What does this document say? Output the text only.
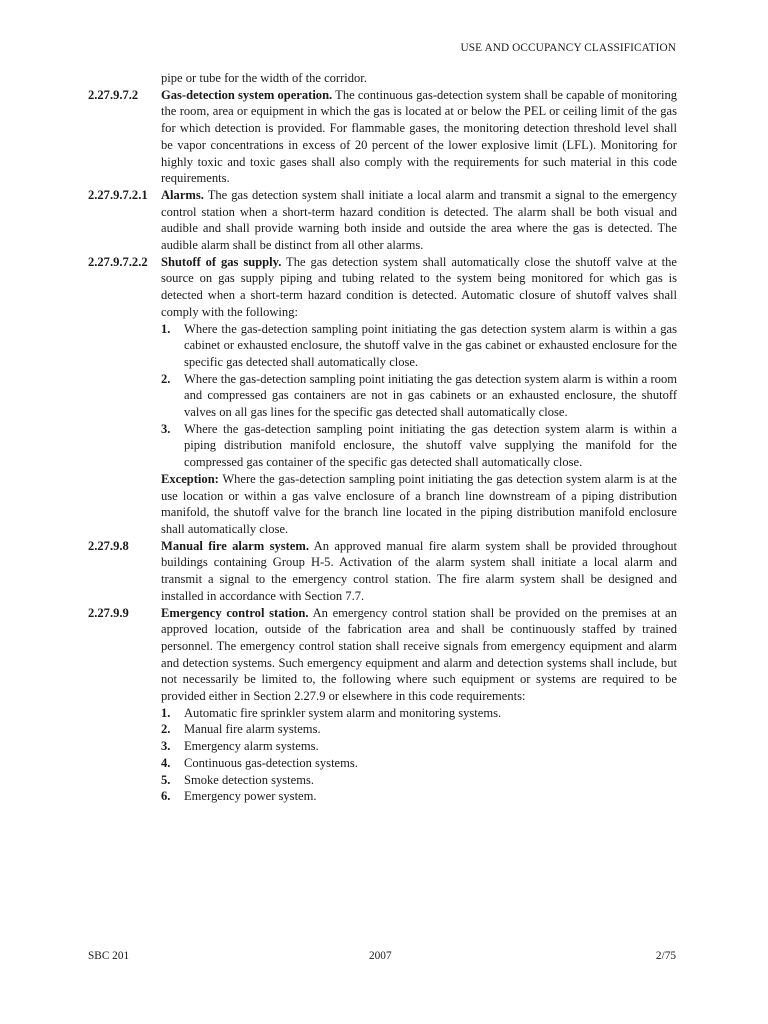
USE AND OCCUPANCY CLASSIFICATION
pipe or tube for the width of the corridor.
2.27.9.7.2 Gas-detection system operation. The continuous gas-detection system shall be capable of monitoring the room, area or equipment in which the gas is located at or below the PEL or ceiling limit of the gas for which detection is provided. For flammable gases, the monitoring detection threshold level shall be vapor concentrations in excess of 20 percent of the lower explosive limit (LFL). Monitoring for highly toxic and toxic gases shall also comply with the requirements for such material in this code requirements.
2.27.9.7.2.1 Alarms. The gas detection system shall initiate a local alarm and transmit a signal to the emergency control station when a short-term hazard condition is detected. The alarm shall be both visual and audible and shall provide warning both inside and outside the area where the gas is detected. The audible alarm shall be distinct from all other alarms.
2.27.9.7.2.2 Shutoff of gas supply. The gas detection system shall automatically close the shutoff valve at the source on gas supply piping and tubing related to the system being monitored for which gas is detected when a short-term hazard condition is detected. Automatic closure of shutoff valves shall comply with the following:
1. Where the gas-detection sampling point initiating the gas detection system alarm is within a gas cabinet or exhausted enclosure, the shutoff valve in the gas cabinet or exhausted enclosure for the specific gas detected shall automatically close.
2. Where the gas-detection sampling point initiating the gas detection system alarm is within a room and compressed gas containers are not in gas cabinets or an exhausted enclosure, the shutoff valves on all gas lines for the specific gas detected shall automatically close.
3. Where the gas-detection sampling point initiating the gas detection system alarm is within a piping distribution manifold enclosure, the shutoff valve supplying the manifold for the compressed gas container of the specific gas detected shall automatically close.
Exception: Where the gas-detection sampling point initiating the gas detection system alarm is at the use location or within a gas valve enclosure of a branch line downstream of a piping distribution manifold, the shutoff valve for the branch line located in the piping distribution manifold enclosure shall automatically close.
2.27.9.8	Manual fire alarm system. An approved manual fire alarm system shall be provided throughout buildings containing Group H-5. Activation of the alarm system shall initiate a local alarm and transmit a signal to the emergency control station. The fire alarm system shall be designed and installed in accordance with Section 7.7.
2.27.9.9	Emergency control station. An emergency control station shall be provided on the premises at an approved location, outside of the fabrication area and shall be continuously staffed by trained personnel. The emergency control station shall receive signals from emergency equipment and alarm and detection systems. Such emergency equipment and alarm and detection systems shall include, but not necessarily be limited to, the following where such equipment or systems are required to be provided either in Section 2.27.9 or elsewhere in this code requirements:
1. Automatic fire sprinkler system alarm and monitoring systems.
2. Manual fire alarm systems.
3. Emergency alarm systems.
4. Continuous gas-detection systems.
5. Smoke detection systems.
6. Emergency power system.
SBC 201	2007	2/75
